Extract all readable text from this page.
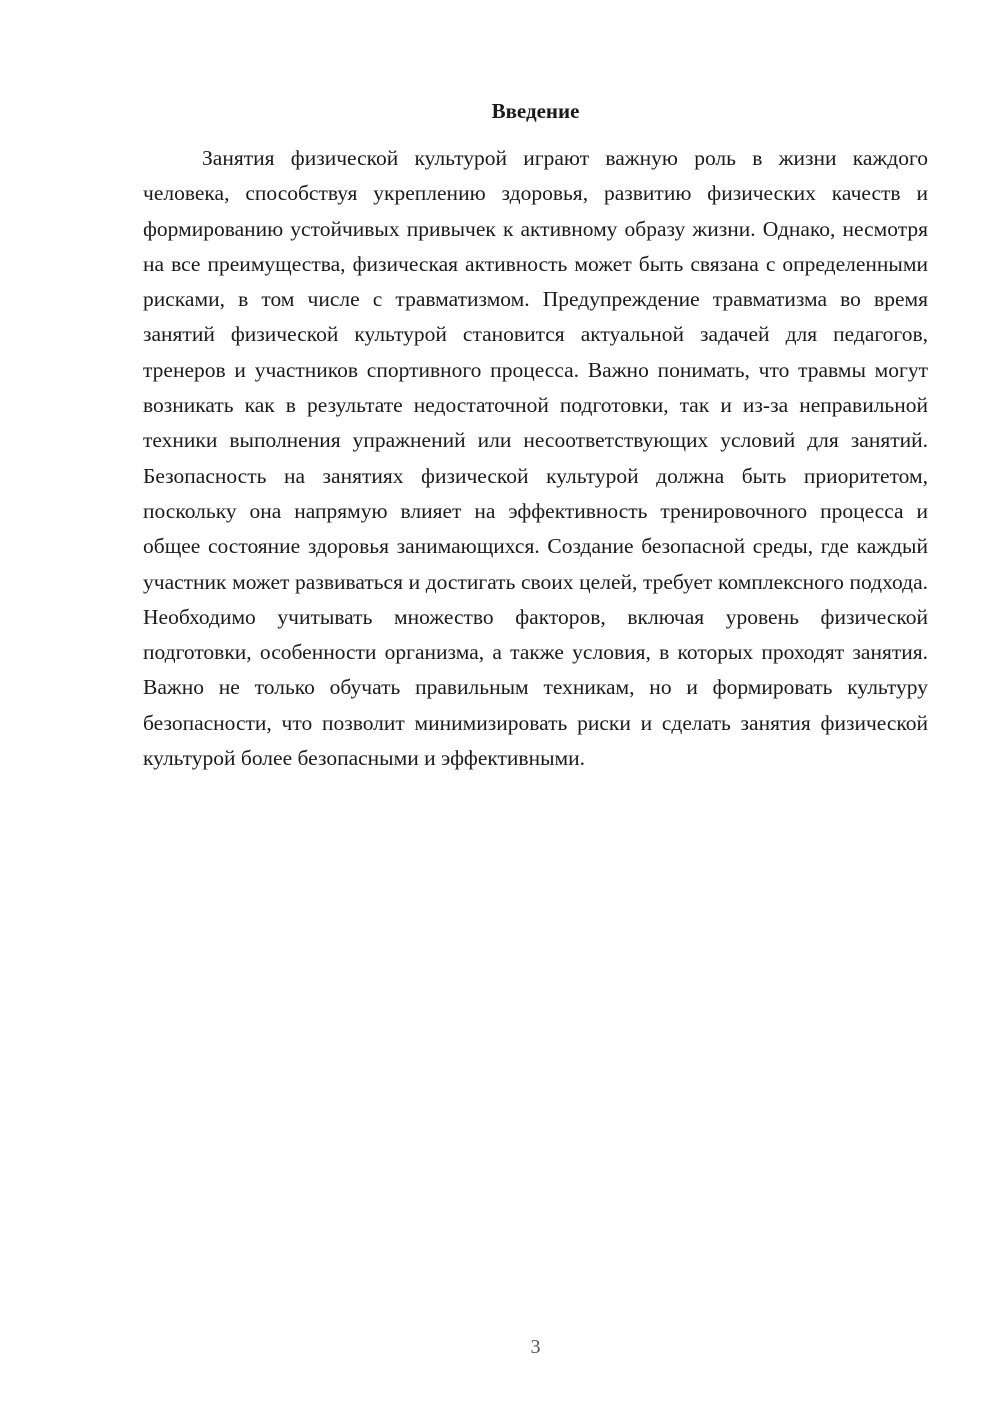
Введение

Занятия физической культурой играют важную роль в жизни каждого человека, способствуя укреплению здоровья, развитию физических качеств и формированию устойчивых привычек к активному образу жизни. Однако, несмотря на все преимущества, физическая активность может быть связана с определенными рисками, в том числе с травматизмом. Предупреждение травматизма во время занятий физической культурой становится актуальной задачей для педагогов, тренеров и участников спортивного процесса. Важно понимать, что травмы могут возникать как в результате недостаточной подготовки, так и из-за неправильной техники выполнения упражнений или несоответствующих условий для занятий. Безопасность на занятиях физической культурой должна быть приоритетом, поскольку она напрямую влияет на эффективность тренировочного процесса и общее состояние здоровья занимающихся. Создание безопасной среды, где каждый участник может развиваться и достигать своих целей, требует комплексного подхода. Необходимо учитывать множество факторов, включая уровень физической подготовки, особенности организма, а также условия, в которых проходят занятия. Важно не только обучать правильным техникам, но и формировать культуру безопасности, что позволит минимизировать риски и сделать занятия физической культурой более безопасными и эффективными.

3
